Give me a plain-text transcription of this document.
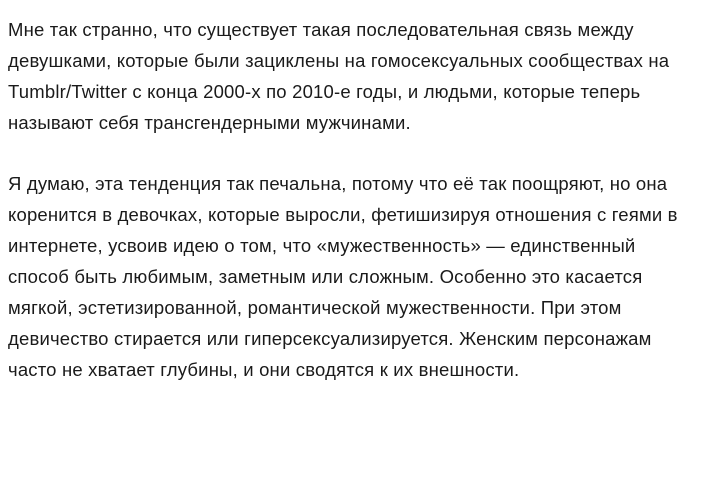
Мне так странно, что существует такая последовательная связь между девушками, которые были зациклены на гомосексуальных сообществах на Tumblr/Twitter с конца 2000-х по 2010-е годы, и людьми, которые теперь называют себя трансгендерными мужчинами.

Я думаю, эта тенденция так печальна, потому что её так поощряют, но она коренится в девочках, которые выросли, фетишизируя отношения с геями в интернете, усвоив идею о том, что «мужественность» — единственный способ быть любимым, заметным или сложным. Особенно это касается мягкой, эстетизированной, романтической мужественности. При этом девичество стирается или гиперсексуализируется. Женским персонажам часто не хватает глубины, и они сводятся к их внешности.
